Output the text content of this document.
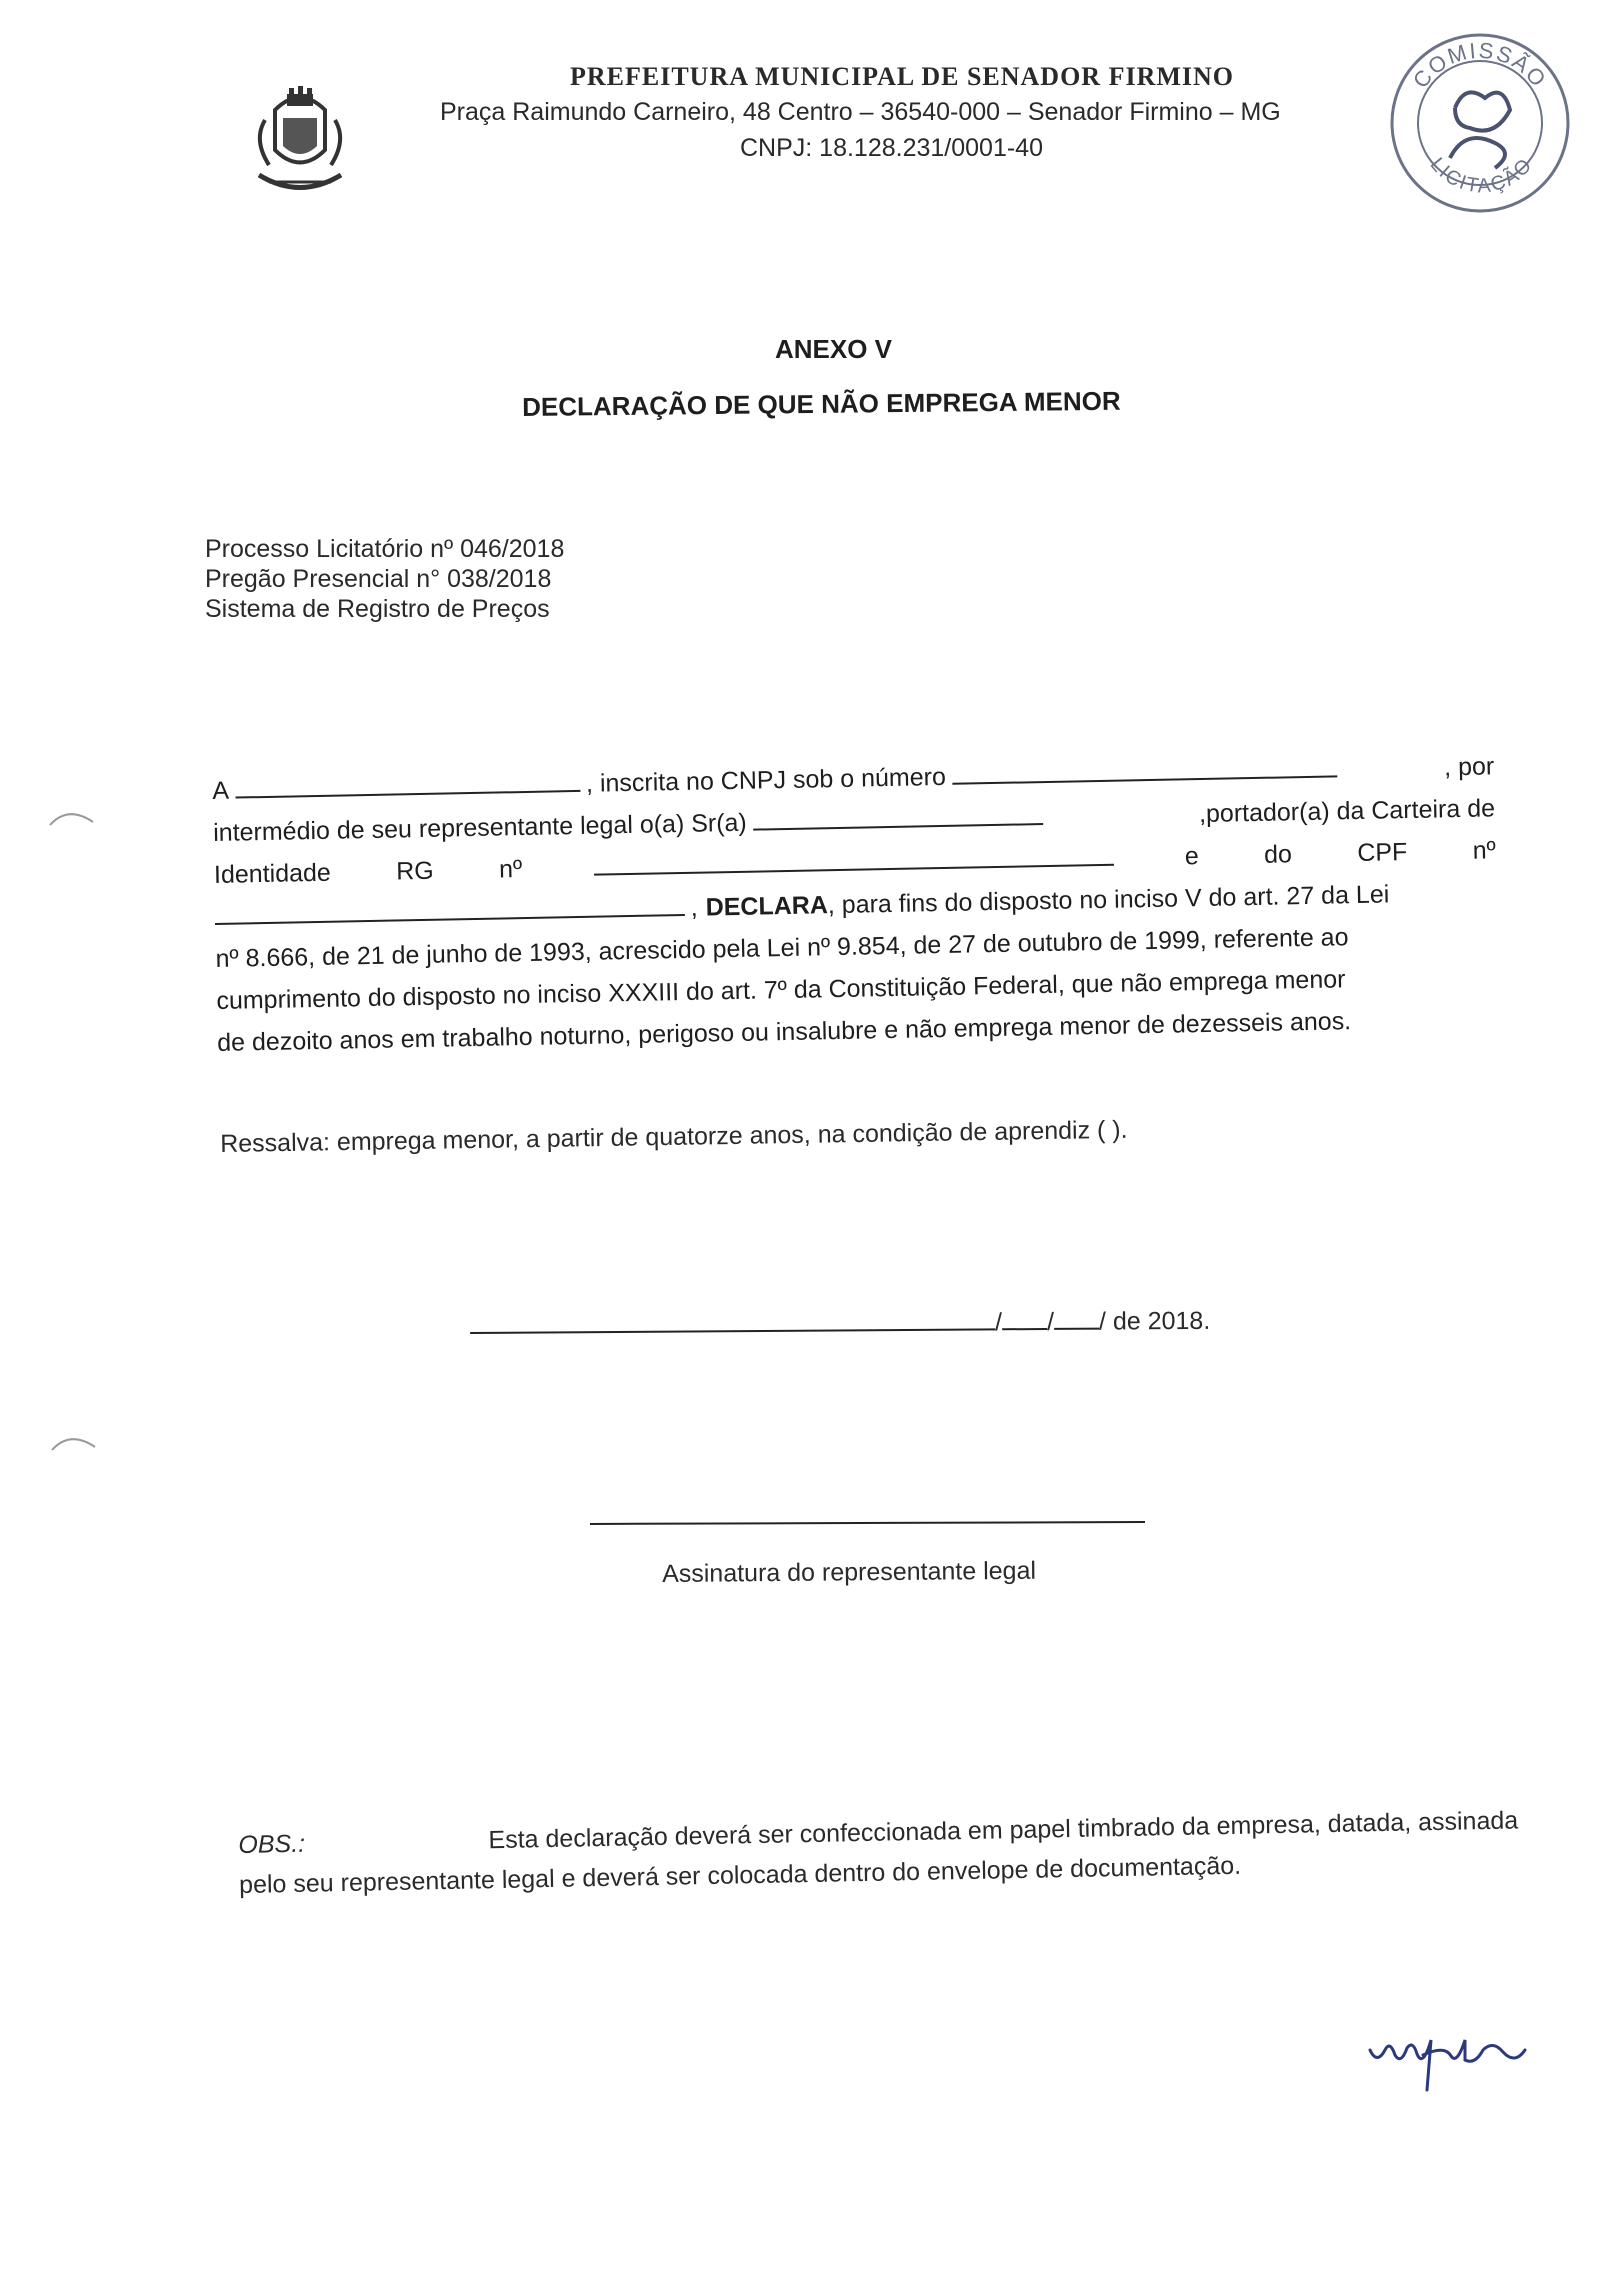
PREFEITURA MUNICIPAL DE SENADOR FIRMINO
Praça Raimundo Carneiro, 48 Centro – 36540-000 – Senador Firmino – MG
CNPJ: 18.128.231/0001-40
COMISSÃO
LICITAÇÃO
ANEXO V
DECLARAÇÃO DE QUE NÃO EMPREGA MENOR
Processo Licitatório nº 046/2018
Pregão Presencial n° 038/2018
Sistema de Registro de Preços
A	, inscrita no CNPJ sob o número	, por
intermédio de seu representante legal o(a) Sr(a)	,portador(a) da Carteira de
Identidade	RG	nº	e	do	CPF	nº
, DECLARA , para fins do disposto no inciso V do art. 27 da Lei
nº 8.666, de 21 de junho de 1993, acrescido pela Lei nº 9.854, de 27 de outubro de 1999, referente ao
cumprimento do disposto no inciso XXXIII do art. 7º da Constituição Federal, que não emprega menor
de dezoito anos em trabalho noturno, perigoso ou insalubre e não emprega menor de dezesseis anos.
Ressalva: emprega menor, a partir de quatorze anos, na condição de aprendiz ( ).
/ / / de 2018.
Assinatura do representante legal
OBS.:	Esta declaração deverá ser confeccionada em papel timbrado da empresa, datada, assinada
pelo seu representante legal e deverá ser colocada dentro do envelope de documentação.
